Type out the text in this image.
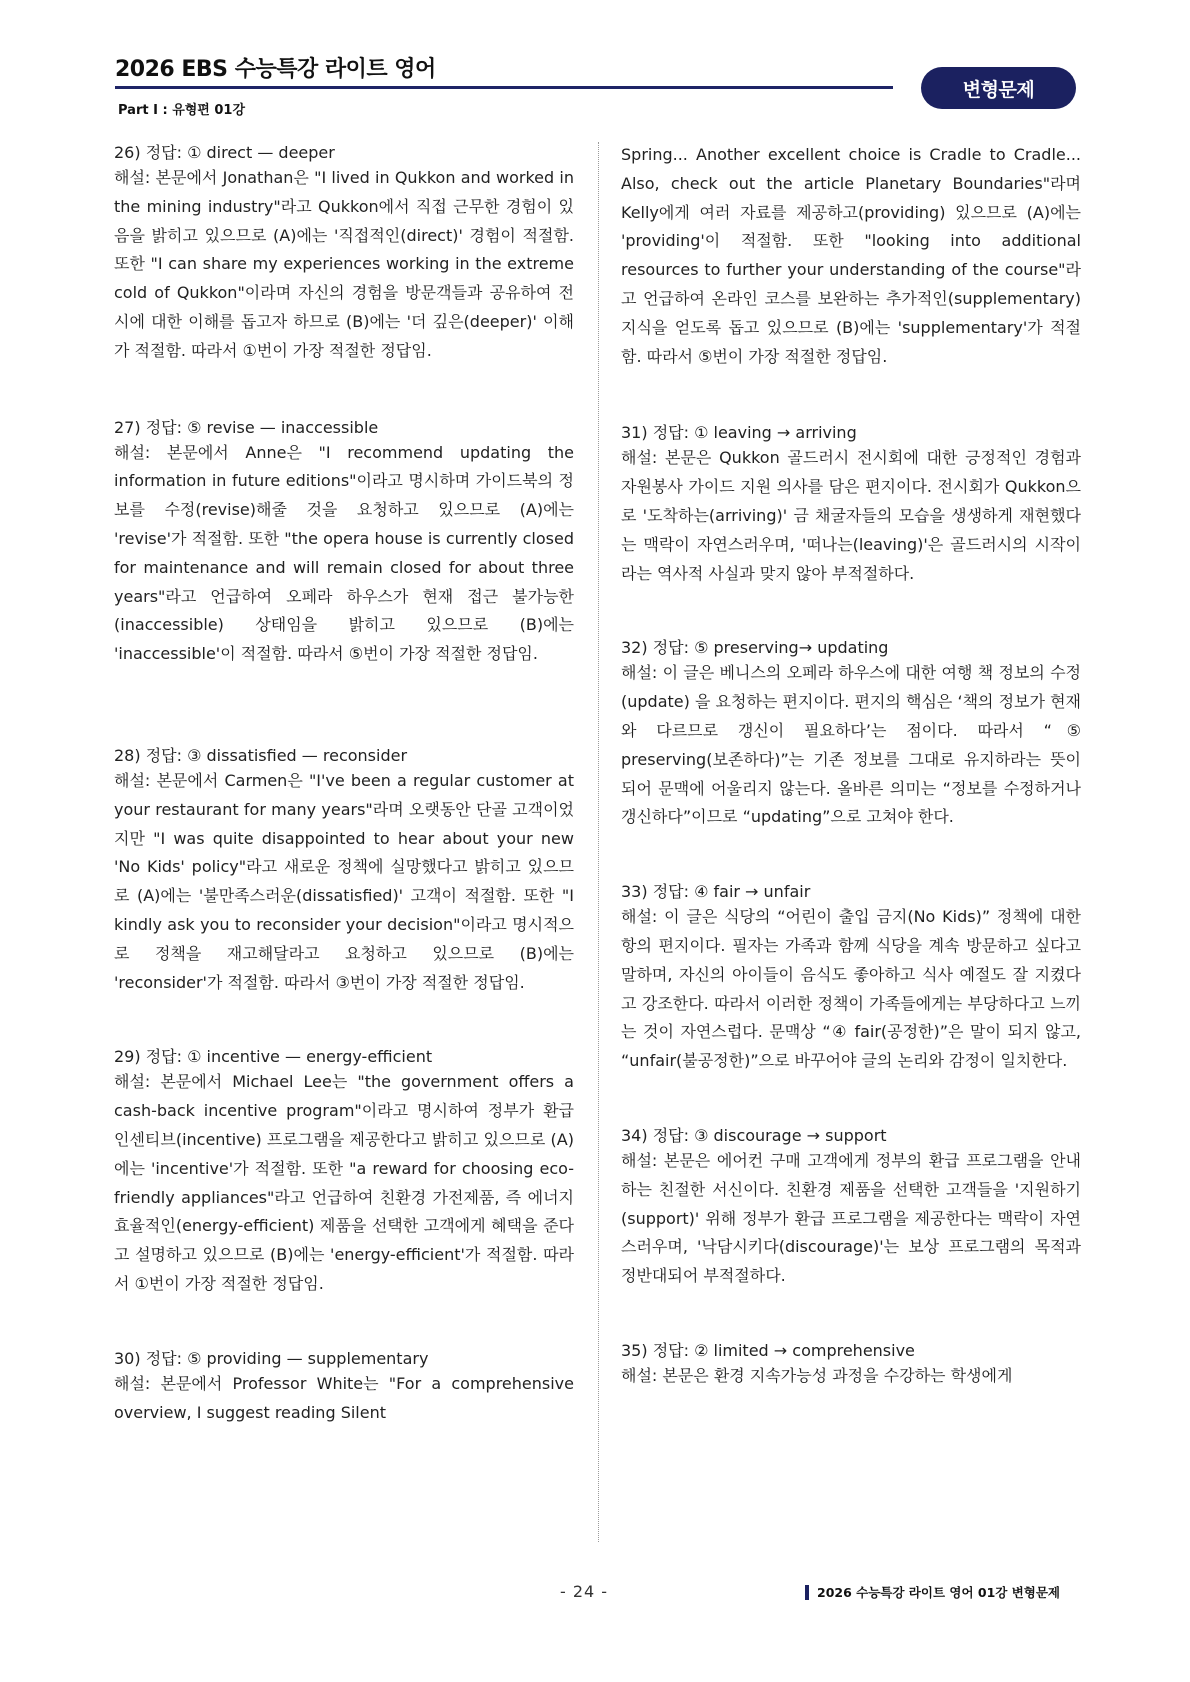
2026 EBS 수능특강 라이트 영어
Part Ⅰ : 유형편 01강
변형문제
26) 정답: ① direct — deeper

해설: 본문에서 Jonathan은 "I lived in Qukkon and worked in the mining industry"라고 Qukkon에서 직접 근무한 경험이 있음을 밝히고 있으므로 (A)에는 '직접적인(direct)' 경험이 적절함. 또한 "I can share my experiences working in the extreme cold of Qukkon"이라며 자신의 경험을 방문객들과 공유하여 전시에 대한 이해를 돕고자 하므로 (B)에는 '더 깊은(deeper)' 이해가 적절함. 따라서 ①번이 가장 적절한 정답임.

27) 정답: ⑤ revise — inaccessible

해설: 본문에서 Anne은 "I recommend updating the information in future editions"이라고 명시하며 가이드북의 정보를 수정(revise)해줄 것을 요청하고 있으므로 (A)에는 'revise'가 적절함. 또한 "the opera house is currently closed for maintenance and will remain closed for about three years"라고 언급하여 오페라 하우스가 현재 접근 불가능한(inaccessible) 상태임을 밝히고 있으므로 (B)에는 'inaccessible'이 적절함. 따라서 ⑤번이 가장 적절한 정답임.

28) 정답: ③ dissatisfied — reconsider

해설: 본문에서 Carmen은 "I've been a regular customer at your restaurant for many years"라며 오랫동안 단골 고객이었지만 "I was quite disappointed to hear about your new 'No Kids' policy"라고 새로운 정책에 실망했다고 밝히고 있으므로 (A)에는 '불만족스러운(dissatisfied)' 고객이 적절함. 또한 "I kindly ask you to reconsider your decision"이라고 명시적으로 정책을 재고해달라고 요청하고 있으므로 (B)에는 'reconsider'가 적절함. 따라서 ③번이 가장 적절한 정답임.

29) 정답: ① incentive — energy-efficient

해설: 본문에서 Michael Lee는 "the government offers a cash-back incentive program"이라고 명시하여 정부가 환급 인센티브(incentive) 프로그램을 제공한다고 밝히고 있으므로 (A)에는 'incentive'가 적절함. 또한 "a reward for choosing eco-friendly appliances"라고 언급하여 친환경 가전제품, 즉 에너지 효율적인(energy-efficient) 제품을 선택한 고객에게 혜택을 준다고 설명하고 있으므로 (B)에는 'energy-efficient'가 적절함. 따라서 ①번이 가장 적절한 정답임.

30) 정답: ⑤ providing — supplementary

해설: 본문에서 Professor White는 "For a comprehensive overview, I suggest reading Silent

Spring... Another excellent choice is Cradle to Cradle... Also, check out the article Planetary Boundaries"라며 Kelly에게 여러 자료를 제공하고(providing) 있으므로 (A)에는 'providing'이 적절함. 또한 "looking into additional resources to further your understanding of the course"라고 언급하여 온라인 코스를 보완하는 추가적인(supplementary) 지식을 얻도록 돕고 있으므로 (B)에는 'supplementary'가 적절함. 따라서 ⑤번이 가장 적절한 정답임.

31) 정답: ① leaving → arriving

해설: 본문은 Qukkon 골드러시 전시회에 대한 긍정적인 경험과 자원봉사 가이드 지원 의사를 담은 편지이다. 전시회가 Qukkon으로 '도착하는(arriving)' 금 채굴자들의 모습을 생생하게 재현했다는 맥락이 자연스러우며, '떠나는(leaving)'은 골드러시의 시작이라는 역사적 사실과 맞지 않아 부적절하다.

32) 정답: ⑤ preserving→ updating

해설: 이 글은 베니스의 오페라 하우스에 대한 여행 책 정보의 수정(update) 을 요청하는 편지이다. 편지의 핵심은 ‘책의 정보가 현재와 다르므로 갱신이 필요하다’는 점이다. 따라서 “⑤ preserving(보존하다)”는 기존 정보를 그대로 유지하라는 뜻이 되어 문맥에 어울리지 않는다. 올바른 의미는 “정보를 수정하거나 갱신하다”이므로 “updating”으로 고쳐야 한다.

33) 정답: ④ fair → unfair

해설: 이 글은 식당의 “어린이 출입 금지(No Kids)” 정책에 대한 항의 편지이다. 필자는 가족과 함께 식당을 계속 방문하고 싶다고 말하며, 자신의 아이들이 음식도 좋아하고 식사 예절도 잘 지켰다고 강조한다. 따라서 이러한 정책이 가족들에게는 부당하다고 느끼는 것이 자연스럽다. 문맥상 “④ fair(공정한)”은 말이 되지 않고, “unfair(불공정한)”으로 바꾸어야 글의 논리와 감정이 일치한다.

34) 정답: ③ discourage → support

해설: 본문은 에어컨 구매 고객에게 정부의 환급 프로그램을 안내하는 친절한 서신이다. 친환경 제품을 선택한 고객들을 '지원하기(support)' 위해 정부가 환급 프로그램을 제공한다는 맥락이 자연스러우며, '낙담시키다(discourage)'는 보상 프로그램의 목적과 정반대되어 부적절하다.

35) 정답: ② limited → comprehensive

해설: 본문은 환경 지속가능성 과정을 수강하는 학생에게

- 24 -	2026 수능특강 라이트 영어 01강 변형문제
